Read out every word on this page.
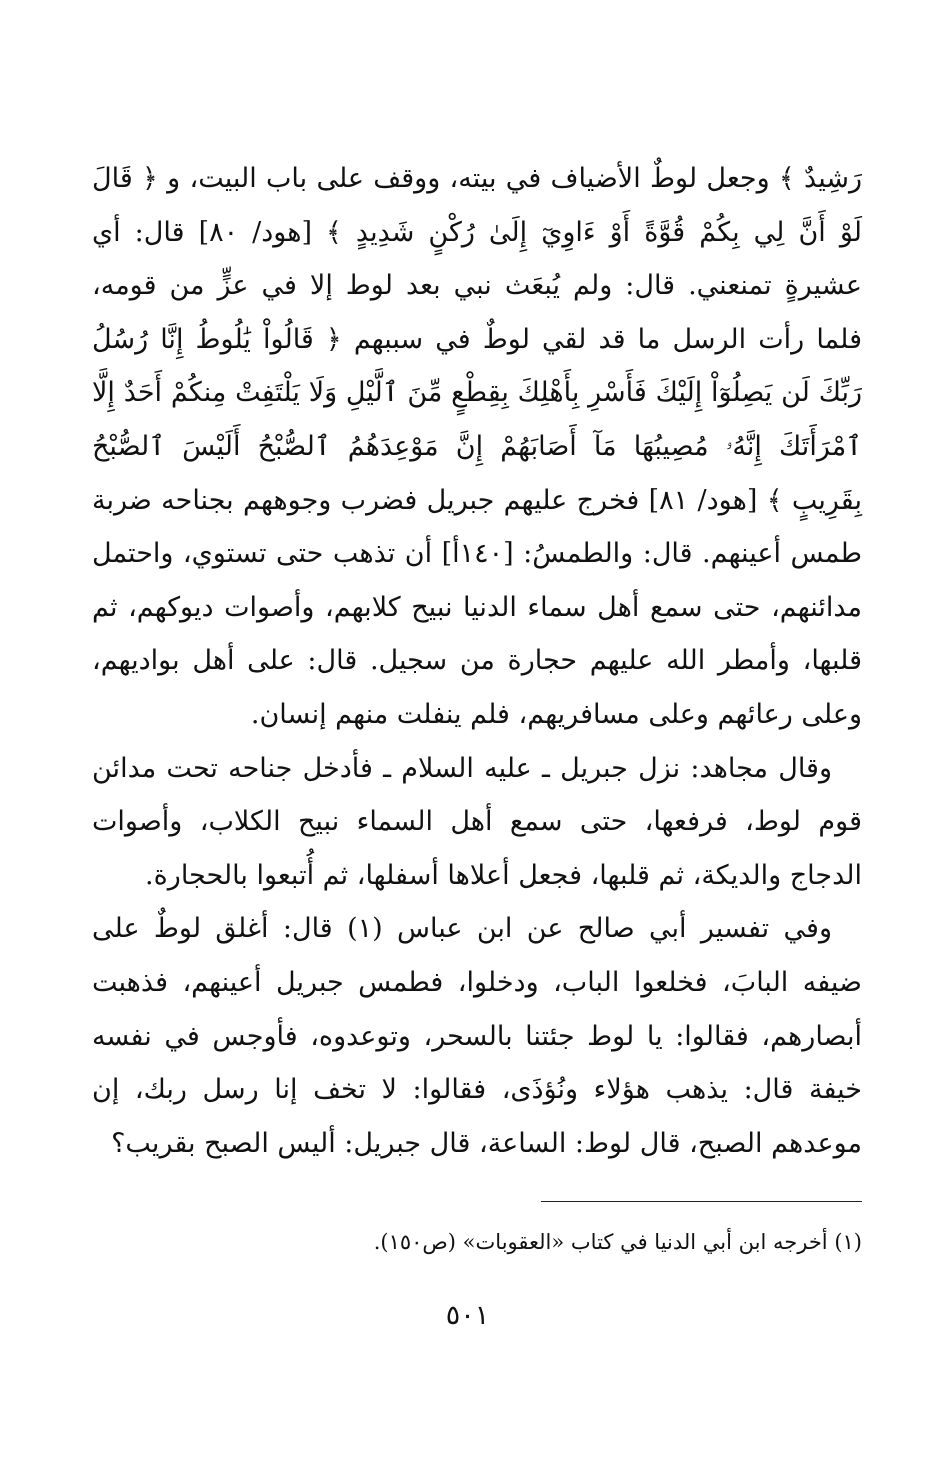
رَشِيدٌ ﴾ وجعل لوطٌ الأضياف في بيته، ووقف على باب البيت، و ﴿ قَالَ لَوْ أَنَّ لِي بِكُمْ قُوَّةً أَوْ ءَاوِيٓ إِلَىٰ رُكْنٍ شَدِيدٍ ﴾ [هود/ ٨٠] قال: أي عشيرةٍ تمنعني. قال: ولم يُبعَث نبي بعد لوط إلا في عزٍّ من قومه، فلما رأت الرسل ما قد لقي لوطٌ في سببهم ﴿ قَالُواْ يَٰلُوطُ إِنَّا رُسُلُ رَبِّكَ لَن يَصِلُوٓاْ إِلَيْكَ فَأَسْرِ بِأَهْلِكَ بِقِطْعٍ مِّنَ ٱلَّيْلِ وَلَا يَلْتَفِتْ مِنكُمْ أَحَدٌ إِلَّا ٱمْرَأَتَكَ إِنَّهُۥ مُصِيبُهَا مَآ أَصَابَهُمْ إِنَّ مَوْعِدَهُمُ ٱلصُّبْحُ أَلَيْسَ ٱلصُّبْحُ بِقَرِيبٍ ﴾ [هود/ ٨١] فخرج عليهم جبريل فضرب وجوههم بجناحه ضربة طمس أعينهم. قال: والطمسُ: [١٤٠أ] أن تذهب حتى تستوي، واحتمل مدائنهم، حتى سمع أهل سماء الدنيا نبيح كلابهم، وأصوات ديوكهم، ثم قلبها، وأمطر الله عليهم حجارة من سجيل. قال: على أهل بواديهم، وعلى رعائهم وعلى مسافريهم، فلم ينفلت منهم إنسان.

وقال مجاهد: نزل جبريل ـ عليه السلام ـ فأدخل جناحه تحت مدائن قوم لوط، فرفعها، حتى سمع أهل السماء نبيح الكلاب، وأصوات الدجاج والديكة، ثم قلبها، فجعل أعلاها أسفلها، ثم أُتبعوا بالحجارة.

وفي تفسير أبي صالح عن ابن عباس (١) قال: أغلق لوطٌ على ضيفه البابَ، فخلعوا الباب، ودخلوا، فطمس جبريل أعينهم، فذهبت أبصارهم، فقالوا: يا لوط جئتنا بالسحر، وتوعدوه، فأوجس في نفسه خيفة قال: يذهب هؤلاء ونُؤذَى، فقالوا: لا تخف إنا رسل ربك، إن موعدهم الصبح، قال لوط: الساعة، قال جبريل: أليس الصبح بقريب؟

(١) أخرجه ابن أبي الدنيا في كتاب «العقوبات» (ص١٥٠).
٥٠١
